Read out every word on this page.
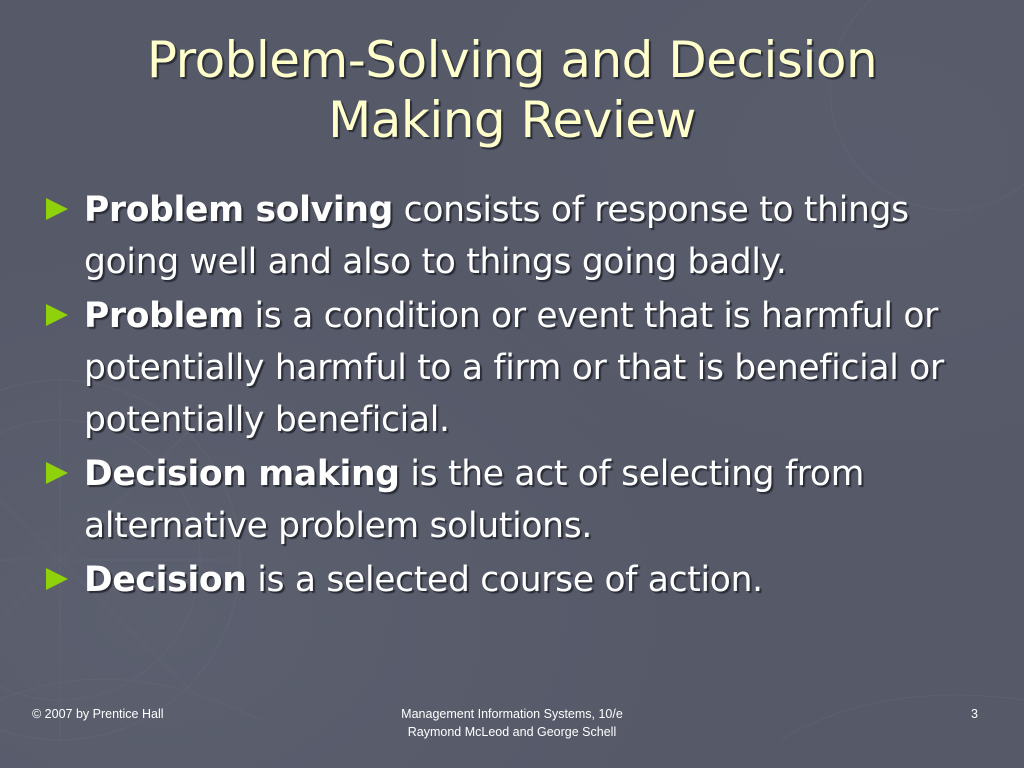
Problem-Solving and Decision
Making Review
Problem solving consists of response to things going well and also to things going badly.
Problem is a condition or event that is harmful or potentially harmful to a firm or that is beneficial or potentially beneficial.
Decision making is the act of selecting from alternative problem solutions.
Decision is a selected course of action.
© 2007 by Prentice Hall	Management Information Systems, 10/e
Raymond McLeod and George Schell
3
